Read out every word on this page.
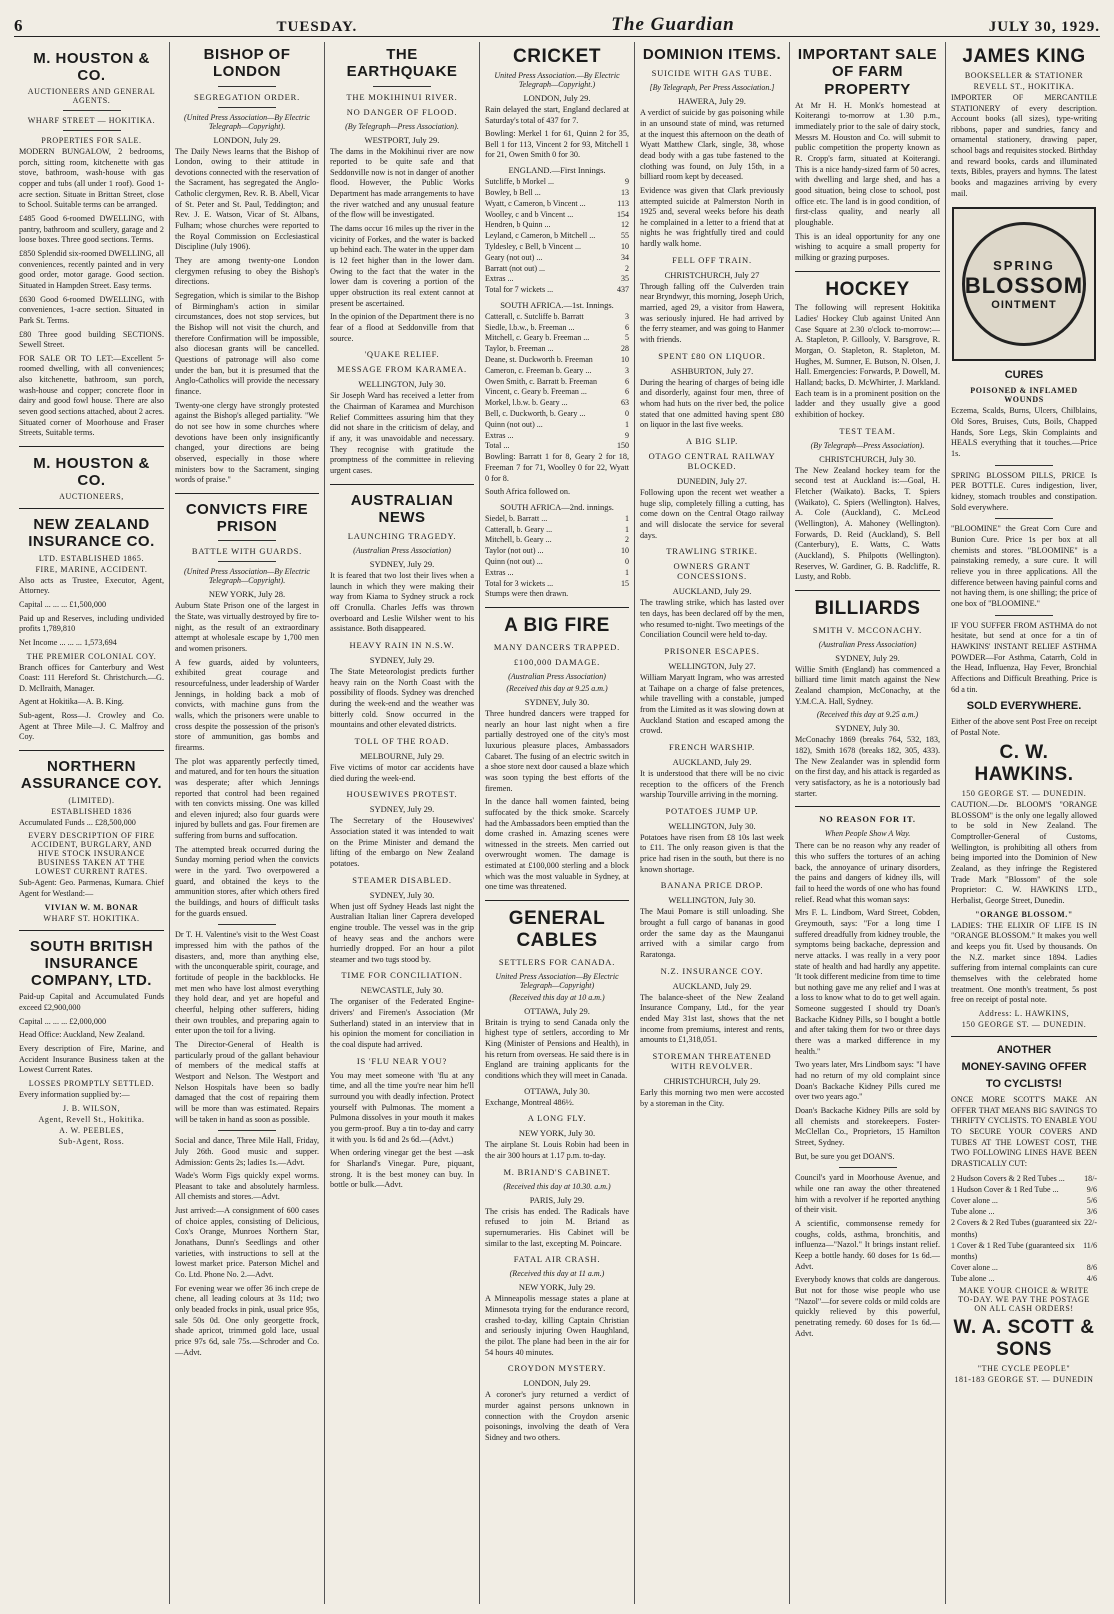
6	TUESDAY.	The Guardian	JULY 30, 1929.
M. HOUSTON & CO.
AUCTIONEERS AND GENERAL AGENTS.
WHARF STREET — HOKITIKA.
PROPERTIES FOR SALE.

MODERN BUNGALOW, 2 bedrooms, porch, sitting room, kitchenette with gas stove, bathroom, wash-house with gas copper and tubs (all under 1 roof). Good 1-acre section. Situate in Brittan Street, close to School. Suitable terms can be arranged.

£485 Good 6-roomed DWELLING, with pantry, bathroom and scullery, garage and 2 loose boxes. Three good sections. Terms.

£850 Splendid six-roomed DWELLING, all conveniences, recently painted and in very good order, motor garage. Good section. Situated in Hampden Street. Easy terms.

£630 Good 6-roomed DWELLING, with conveniences, 1-acre section. Situated in Park St. Terms.

£80 Three good building SECTIONS. Sewell Street.

FOR SALE OR TO LET:—Excellent 5-roomed dwelling, with all conveniences; also kitchenette, bathroom, sun porch, wash-house and copper; concrete floor in dairy and good fowl house. There are also seven good sections attached, about 2 acres. Situated corner of Moorhouse and Fraser Streets, Suitable terms.

M. HOUSTON & CO.
AUCTIONEERS,
NEW ZEALAND INSURANCE CO.
LTD. ESTABLISHED 1865.
FIRE, MARINE, ACCIDENT.

Also acts as Trustee, Executor, Agent, Attorney.

Capital ... ... ... £1,500,000

Paid up and Reserves, including undivided profits 1,789,810

Net Income ... ... ... 1,573,694

THE PREMIER COLONIAL COY.

Branch offices for Canterbury and West Coast: 111 Hereford St. Christchurch.—G. D. McIlraith, Manager.

Agent at Hokitika—A. B. King.

Sub-agent, Ross—J. Crowley and Co. Agent at Three Mile—J. C. Malfroy and Coy.

NORTHERN ASSURANCE COY.
(LIMITED).
ESTABLISHED 1836

Accumulated Funds ... £28,500,000

EVERY DESCRIPTION OF FIRE ACCIDENT, BURGLARY, AND HIVE STOCK INSURANCE BUSINESS TAKEN AT THE LOWEST CURRENT RATES.

Sub-Agent: Geo. Parmenas, Kumara. Chief Agent for Westland:—

VIVIAN W. M. BONAR
WHARF ST. HOKITIKA.
SOUTH BRITISH INSURANCE COMPANY, LTD.

Paid-up Capital and Accumulated Funds exceed £2,900,000

Capital ... ... ... £2,000,000

Head Office: Auckland, New Zealand.

Every description of Fire, Marine, and Accident Insurance Business taken at the Lowest Current Rates.

LOSSES PROMPTLY SETTLED.

Every information supplied by:—

J. B. WILSON,
Agent, Revell St., Hokitika.
A. W. PEEBLES,
Sub-Agent, Ross.
BISHOP OF LONDON
SEGREGATION ORDER.
(United Press Association—By Electric Telegraph—Copyright).
LONDON, July 29.

The Daily News learns that the Bishop of London, owing to their attitude in devotions connected with the reservation of the Sacrament, has segregated the Anglo-Catholic clergymen, Rev. R. B. Abell, Vicar of St. Peter and St. Paul, Teddington; and Rev. J. E. Watson, Vicar of St. Albans, Fulham; whose churches were reported to the Royal Commission on Ecclesiastical Discipline (July 1906).

They are among twenty-one London clergymen refusing to obey the Bishop's directions.

Segregation, which is similar to the Bishop of Birmingham's action in similar circumstances, does not stop services, but the Bishop will not visit the church, and therefore Confirmation will be impossible, also diocesan grants will be cancelled. Questions of patronage will also come under the ban, but it is presumed that the Anglo-Catholics will provide the necessary finance.

Twenty-one clergy have strongly protested against the Bishop's alleged partiality. "We do not see how in some churches where devotions have been only insignificantly changed, your directions are being observed, especially in those where ministers bow to the Sacrament, singing words of praise."

CONVICTS FIRE PRISON
BATTLE WITH GUARDS.
(United Press Association—By Electric Telegraph—Copyright).
NEW YORK, July 28.

Auburn State Prison one of the largest in the State, was virtually destroyed by fire to-night, as the result of an extraordinary attempt at wholesale escape by 1,700 men and women prisoners.

A few guards, aided by volunteers, exhibited great courage and resourcefulness, under leadership of Warder Jennings, in holding back a mob of convicts, with machine guns from the walls, which the prisoners were unable to cross despite the possession of the prison's store of ammunition, gas bombs and firearms.

The plot was apparently perfectly timed, and matured, and for ten hours the situation was desperate; after which Jennings reported that control had been regained with ten convicts missing. One was killed and eleven injured; also four guards were injured by bullets and gas. Four firemen are suffering from burns and suffocation.

The attempted break occurred during the Sunday morning period when the convicts were in the yard. Two overpowered a guard, and obtained the keys to the ammunition stores, after which others fired the buildings, and hours of difficult tasks for the guards ensued.

Dr T. H. Valentine's visit to the West Coast impressed him with the pathos of the disasters, and, more than anything else, with the unconquerable spirit, courage, and fortitude of people in the backblocks. He met men who have lost almost everything they hold dear, and yet are hopeful and cheerful, helping other sufferers, hiding their own troubles, and preparing again to enter upon the toil for a living.

The Director-General of Health is particularly proud of the gallant behaviour of members of the medical staffs at Westport and Nelson. The Westport and Nelson Hospitals have been so badly damaged that the cost of repairing them will be more than was estimated. Repairs will be taken in hand as soon as possible.

Social and dance, Three Mile Hall, Friday, July 26th. Good music and supper. Admission: Gents 2s; ladies 1s.—Advt.

Wade's Worm Figs quickly expel worms. Pleasant to take and absolutely harmless. All chemists and stores.—Advt.

Just arrived:—A consignment of 600 cases of choice apples, consisting of Delicious, Cox's Orange, Munroes Northern Star, Jonathans, Dunn's Seedlings and other varieties, with instructions to sell at the lowest market price. Paterson Michel and Co. Ltd. Phone No. 2.—Advt.

For evening wear we offer 36 inch crepe de chene, all leading colours at 3s 11d; two only beaded frocks in pink, usual price 95s, sale 50s 0d. One only georgette frock, shade apricot, trimmed gold lace, usual price 97s 6d, sale 75s.—Schroder and Co.—Advt.

THE EARTHQUAKE
THE MOKIHINUI RIVER.
NO DANGER OF FLOOD.
(By Telegraph—Press Association).
WESTPORT, July 29.

The dams in the Mokihinui river are now reported to be quite safe and that Seddonville now is not in danger of another flood. However, the Public Works Department has made arrangements to have the river watched and any unusual feature of the flow will be investigated.

The dams occur 16 miles up the river in the vicinity of Forkes, and the water is backed up behind each. The water in the upper dam is 12 feet higher than in the lower dam. Owing to the fact that the water in the lower dam is covering a portion of the upper obstruction its real extent cannot at present be ascertained.

In the opinion of the Department there is no fear of a flood at Seddonville from that source.

'QUAKE RELIEF.
MESSAGE FROM KARAMEA.
WELLINGTON, July 30.

Sir Joseph Ward has received a letter from the Chairman of Karamea and Murchison Relief Committees assuring him that they did not share in the criticism of delay, and if any, it was unavoidable and necessary. They recognise with gratitude the promptness of the committee in relieving urgent cases.

AUSTRALIAN NEWS
LAUNCHING TRAGEDY.
(Australian Press Association)
SYDNEY, July 29.

It is feared that two lost their lives when a launch in which they were making their way from Kiama to Sydney struck a rock off Cronulla. Charles Jeffs was thrown overboard and Leslie Wilsher went to his assistance. Both disappeared.

HEAVY RAIN IN N.S.W.
SYDNEY, July 29.

The State Meteorologist predicts further heavy rain on the North Coast with the possibility of floods. Sydney was drenched during the week-end and the weather was bitterly cold. Snow occurred in the mountains and other elevated districts.

TOLL OF THE ROAD.
MELBOURNE, July 29.

Five victims of motor car accidents have died during the week-end.

HOUSEWIVES PROTEST.
SYDNEY, July 29.

The Secretary of the Housewives' Association stated it was intended to wait on the Prime Minister and demand the lifting of the embargo on New Zealand potatoes.

STEAMER DISABLED.
SYDNEY, July 30.

When just off Sydney Heads last night the Australian Italian liner Caprera developed engine trouble. The vessel was in the grip of heavy seas and the anchors were hurriedly dropped. For an hour a pilot steamer and two tugs stood by.

TIME FOR CONCILIATION.
NEWCASTLE, July 30.

The organiser of the Federated Engine-drivers' and Firemen's Association (Mr Sutherland) stated in an interview that in his opinion the moment for conciliation in the coal dispute had arrived.

IS 'FLU NEAR YOU?

You may meet someone with 'flu at any time, and all the time you're near him he'll surround you with deadly infection. Protect yourself with Pulmonas. The moment a Pulmona dissolves in your mouth it makes you germ-proof. Buy a tin to-day and carry it with you. Is 6d and 2s 6d.—(Advt.)

When ordering vinegar get the best —ask for Sharland's Vinegar. Pure, piquant, strong. It is the best money can buy. In bottle or bulk.—Advt.

CRICKET
United Press Association.—By Electric Telegraph—Copyright.)
LONDON, July 29.

Rain delayed the start, England declared at Saturday's total of 437 for 7.

Bowling: Merkel 1 for 61, Quinn 2 for 35, Bell 1 for 113, Vincent 2 for 93, Mitchell 1 for 21, Owen Smith 0 for 30.

ENGLAND.—First Innings.
Sutcliffe, b Morkel ...	9
Bowley, b Bell ...	13
Wyatt, c Cameron, b Vincent ...	113
Woolley, c and b Vincent ...	154
Hendren, b Quinn ...	12
Leyland, c Cameron, b Mitchell ...	55
Tyldesley, c Bell, b Vincent ...	10
Geary (not out) ...	34
Barratt (not out) ...	2
Extras ...	35
Total for 7 wickets ...	437
SOUTH AFRICA.—1st. Innings.
Catterall, c. Sutcliffe b. Barratt	3
Siedle, l.b.w., b. Freeman ...	6
Mitchell, c. Geary b. Freeman ...	5
Taylor, b. Freeman ...	28
Deane, st. Duckworth b. Freeman	10
Cameron, c. Freeman b. Geary ...	3
Owen Smith, c. Barratt b. Freeman	6
Vincent, c. Geary b. Freeman ...	6
Morkel, l.b.w. b. Geary ...	63
Bell, c. Duckworth, b. Geary ...	0
Quinn (not out) ...	1
Extras ...	9
Total ...	150

Bowling: Barratt 1 for 8, Geary 2 for 18, Freeman 7 for 71, Woolley 0 for 22, Wyatt 0 for 8.

South Africa followed on.

SOUTH AFRICA—2nd. innings.
Siedel, b. Barratt ...	1
Catterall, b. Geary ...	1
Mitchell, b. Geary ...	2
Taylor (not out) ...	10
Quinn (not out) ...	0
Extras ...	1
Total for 3 wickets ...	15

Stumps were then drawn.

A BIG FIRE
MANY DANCERS TRAPPED.
£100,000 DAMAGE.
(Australian Press Association)
(Received this day at 9.25 a.m.)
SYDNEY, July 30.

Three hundred dancers were trapped for nearly an hour last night when a fire partially destroyed one of the city's most luxurious pleasure places, Ambassadors Cabaret. The fusing of an electric switch in a shoe store next door caused a blaze which was soon typing the best efforts of the firemen.

In the dance hall women fainted, being suffocated by the thick smoke. Scarcely had the Ambassadors been emptied than the dome crashed in. Amazing scenes were witnessed in the streets. Men carried out overwrought women. The damage is estimated at £100,000 sterling and a block which was the most valuable in Sydney, at one time was threatened.

GENERAL CABLES
SETTLERS FOR CANADA.
United Press Association—By Electric Telegraph—Copyright)
(Received this day at 10 a.m.)
OTTAWA, July 29.

Britain is trying to send Canada only the highest type of settlers, according to Mr King (Minister of Pensions and Health), in his return from overseas. He said there is in England are training applicants for the conditions which they will meet in Canada.

OTTAWA, July 30.

Exchange, Montreal 486½.

A LONG FLY.
NEW YORK, July 30.

The airplane St. Louis Robin had been in the air 300 hours at 1.17 p.m. to-day.

M. BRIAND'S CABINET.
(Received this day at 10.30. a.m.)
PARIS, July 29.

The crisis has ended. The Radicals have refused to join M. Briand as supernumeraries. His Cabinet will be similar to the last, excepting M. Poincare.

FATAL AIR CRASH.
(Received this day at 11 a.m.)
NEW YORK, July 29.

A Minneapolis message states a plane at Minnesota trying for the endurance record, crashed to-day, killing Captain Christian and seriously injuring Owen Haughland, the pilot. The plane had been in the air for 54 hours 40 minutes.

CROYDON MYSTERY.
LONDON, July 29.

A coroner's jury returned a verdict of murder against persons unknown in connection with the Croydon arsenic poisonings, involving the death of Vera Sidney and two others.

DOMINION ITEMS.
SUICIDE WITH GAS TUBE.
[By Telegraph, Per Press Association.]
HAWERA, July 29.

A verdict of suicide by gas poisoning while in an unsound state of mind, was returned at the inquest this afternoon on the death of Wyatt Matthew Clark, single, 38, whose dead body with a gas tube fastened to the clothing was found, on July 15th, in a billiard room kept by deceased.

Evidence was given that Clark previously attempted suicide at Palmerston North in 1925 and, several weeks before his death he complained in a letter to a friend that at nights he was frightfully tired and could hardly walk home.

FELL OFF TRAIN.
CHRISTCHURCH, July 27

Through falling off the Culverden train near Bryndwyr, this morning, Joseph Urich, married, aged 29, a visitor from Hawera, was seriously injured. He had arrived by the ferry steamer, and was going to Hanmer with friends.

SPENT £80 ON LIQUOR.
ASHBURTON, July 27.

During the hearing of charges of being idle and disorderly, against four men, three of whom had huts on the river bed, the police stated that one admitted having spent £80 on liquor in the last five weeks.

A BIG SLIP.
OTAGO CENTRAL RAILWAY BLOCKED.
DUNEDIN, July 27.

Following upon the recent wet weather a huge slip, completely filling a cutting, has come down on the Central Otago railway and will dislocate the service for several days.

TRAWLING STRIKE.
OWNERS GRANT CONCESSIONS.
AUCKLAND, July 29.

The trawling strike, which has lasted over ten days, has been declared off by the men, who resumed to-night. Two meetings of the Conciliation Council were held to-day.

PRISONER ESCAPES.
WELLINGTON, July 27.

William Maryatt Ingram, who was arrested at Taihape on a charge of false pretences, while travelling with a constable, jumped from the Limited as it was slowing down at Auckland Station and escaped among the crowd.

FRENCH WARSHIP.
AUCKLAND, July 29.

It is understood that there will be no civic reception to the officers of the French warship Tourville arriving in the morning.

POTATOES JUMP UP.
WELLINGTON, July 30.

Potatoes have risen from £8 10s last week to £11. The only reason given is that the price had risen in the south, but there is no known shortage.

BANANA PRICE DROP.
WELLINGTON, July 30.

The Maui Pomare is still unloading. She brought a full cargo of bananas in good order the same day as the Maunganui arrived with a similar cargo from Raratonga.

N.Z. INSURANCE COY.
AUCKLAND, July 29.

The balance-sheet of the New Zealand Insurance Company, Ltd., for the year ended May 31st last, shows that the net income from premiums, interest and rents, amounts to £1,318,051.

STOREMAN THREATENED WITH REVOLVER.
CHRISTCHURCH, July 29.

Early this morning two men were accosted by a storeman in the City.

IMPORTANT SALE OF FARM PROPERTY

At Mr H. H. Monk's homestead at Koiterangi to-morrow at 1.30 p.m., immediately prior to the sale of dairy stock, Messrs M. Houston and Co. will submit to public competition the property known as R. Cropp's farm, situated at Koiterangi. This is a nice handy-sized farm of 50 acres, with dwelling and large shed, and has a good situation, being close to school, post office etc. The land is in good condition, of first-class quality, and nearly all ploughable.

This is an ideal opportunity for any one wishing to acquire a small property for milking or grazing purposes.

HOCKEY

The following will represent Hokitika Ladies' Hockey Club against United Ann Case Square at 2.30 o'clock to-morrow:—A. Stapleton, P. Gillooly, V. Barsgrove, R. Morgan, O. Stapleton, R. Stapleton, M. Hughes, M. Sumner, E. Butson, N. Olsen, J. Hall. Emergencies: Forwards, P. Dowell, M. Halland; backs, D. McWhirter, J. Markland. Each team is in a prominent position on the ladder and they usually give a good exhibition of hockey.

TEST TEAM.
(By Telegraph—Press Association).
CHRISTCHURCH, July 30.

The New Zealand hockey team for the second test at Auckland is:—Goal, H. Fletcher (Waikato). Backs, T. Spiers (Waikato), C. Spiers (Wellington). Halves, A. Cole (Auckland), C. McLeod (Wellington), A. Mahoney (Wellington). Forwards, D. Reid (Auckland), S. Bell (Canterbury), E. Watts, C. Watts (Auckland), S. Philpotts (Wellington). Reserves, W. Gardiner, G. B. Radcliffe, R. Lusty, and Robb.

BILLIARDS
SMITH V. MCCONACHY.
(Australian Press Association)
SYDNEY, July 29.

Willie Smith (England) has commenced a billiard time limit match against the New Zealand champion, McConachy, at the Y.M.C.A. Hall, Sydney.

(Received this day at 9.25 a.m.)
SYDNEY, July 30.

McConachy 1869 (breaks 764, 532, 183, 182), Smith 1678 (breaks 182, 305, 433). The New Zealander was in splendid form on the first day, and his attack is regarded as very satisfactory, as he is a notoriously bad starter.

NO REASON FOR IT.
When People Show A Way.

There can be no reason why any reader of this who suffers the tortures of an aching back, the annoyance of urinary disorders, the pains and dangers of kidney ills, will fail to heed the words of one who has found relief. Read what this woman says:

Mrs F. L. Lindbom, Ward Street, Cobden, Greymouth, says: "For a long time I suffered dreadfully from kidney trouble, the symptoms being backache, depression and nerve attacks. I was really in a very poor state of health and had hardly any appetite. 'It took different medicine from time to time but nothing gave me any relief and I was at a loss to know what to do to get well again. Someone suggested I should try Doan's Backache Kidney Pills, so I bought a bottle and after taking them for two or three days there was a marked difference in my health."

Two years later, Mrs Lindbom says: "I have had no return of my old complaint since Doan's Backache Kidney Pills cured me over two years ago."

Doan's Backache Kidney Pills are sold by all chemists and storekeepers. Foster-McClellan Co., Proprietors, 15 Hamilton Street, Sydney.

But, be sure you get DOAN'S.

Council's yard in Moorhouse Avenue, and while one ran away the other threatened him with a revolver if he reported anything of their visit.

A scientific, commonsense remedy for coughs, colds, asthma, bronchitis, and influenza—"Nazol." It brings instant relief. Keep a bottle handy. 60 doses for 1s 6d.—Advt.

Everybody knows that colds are dangerous. But not for those wise people who use "Nazol"—for severe colds or mild colds are quickly relieved by this powerful, penetrating remedy. 60 doses for 1s 6d.—Advt.

JAMES KING
BOOKSELLER & STATIONER
REVELL ST., HOKITIKA.

IMPORTER OF MERCANTILE STATIONERY of every description. Account books (all sizes), type-writing ribbons, paper and sundries, fancy and ornamental stationery, drawing paper, school bags and requisites stocked. Birthday and reward books, cards and illuminated texts, Bibles, prayers and hymns. The latest books and magazines arriving by every mail.

SPRING
BLOSSOM
OINTMENT
CURES
POISONED & INFLAMED WOUNDS

Eczema, Scalds, Burns, Ulcers, Chilblains, Old Sores, Bruises, Cuts, Boils, Chapped Hands, Sore Legs, Skin Complaints and HEALS everything that it touches.—Price 1s.

SPRING BLOSSOM PILLS, PRICE Is PER BOTTLE. Cures indigestion, liver, kidney, stomach troubles and constipation. Sold everywhere.

"BLOOMINE" the Great Corn Cure and Bunion Cure. Price 1s per box at all chemists and stores. "BLOOMINE" is a painstaking remedy, a sure cure. It will relieve you in three applications. All the difference between having painful corns and not having them, is one shilling; the price of one box of "BLOOMINE."

IF YOU SUFFER FROM ASTHMA do not hesitate, but send at once for a tin of HAWKINS' INSTANT RELIEF ASTHMA POWDER—For Asthma, Catarrh, Cold in the Head, Influenza, Hay Fever, Bronchial Affections and Difficult Breathing. Price is 6d a tin.

SOLD EVERYWHERE.

Either of the above sent Post Free on receipt of Postal Note.

C. W. HAWKINS.
150 GEORGE ST. — DUNEDIN.

CAUTION.—Dr. BLOOM'S "ORANGE BLOSSOM" is the only one legally allowed to be sold in New Zealand. The Comptroller-General of Customs, Wellington, is prohibiting all others from being imported into the Dominion of New Zealand, as they infringe the Registered Trade Mark "Blossom" of the sole Proprietor: C. W. HAWKINS LTD., Herbalist, George Street, Dunedin.

"ORANGE BLOSSOM."

LADIES: THE ELIXIR OF LIFE IS IN "ORANGE BLOSSOM." It makes you well and keeps you fit. Used by thousands. On the N.Z. market since 1894. Ladies suffering from internal complaints can cure themselves with the celebrated home treatment. One month's treatment, 5s post free on receipt of postal note.

Address: L. HAWKINS,
150 GEORGE ST. — DUNEDIN.
ANOTHER
MONEY-SAVING OFFER
TO CYCLISTS!

ONCE MORE SCOTT'S MAKE AN OFFER THAT MEANS BIG SAVINGS TO THRIFTY CYCLISTS. TO ENABLE YOU TO SECURE YOUR COVERS AND TUBES AT THE LOWEST COST, THE TWO FOLLOWING LINES HAVE BEEN DRASTICALLY CUT:

2 Hudson Covers & 2 Red Tubes ... 18/-
1 Hudson Cover & 1 Red Tube ...	9/6
Cover alone ...	5/6
Tube alone ...	3/6
2 Covers & 2 Red Tubes (guaranteed six months)
22/-
1 Cover & 1 Red Tube (guaranteed six months)
11/6
Cover alone ...	8/6
Tube alone ...	4/6
MAKE YOUR CHOICE & WRITE TO-DAY. WE PAY THE POSTAGE ON ALL CASH ORDERS!
W. A. SCOTT & SONS
"THE CYCLE PEOPLE"
181-183 GEORGE ST. — DUNEDIN
